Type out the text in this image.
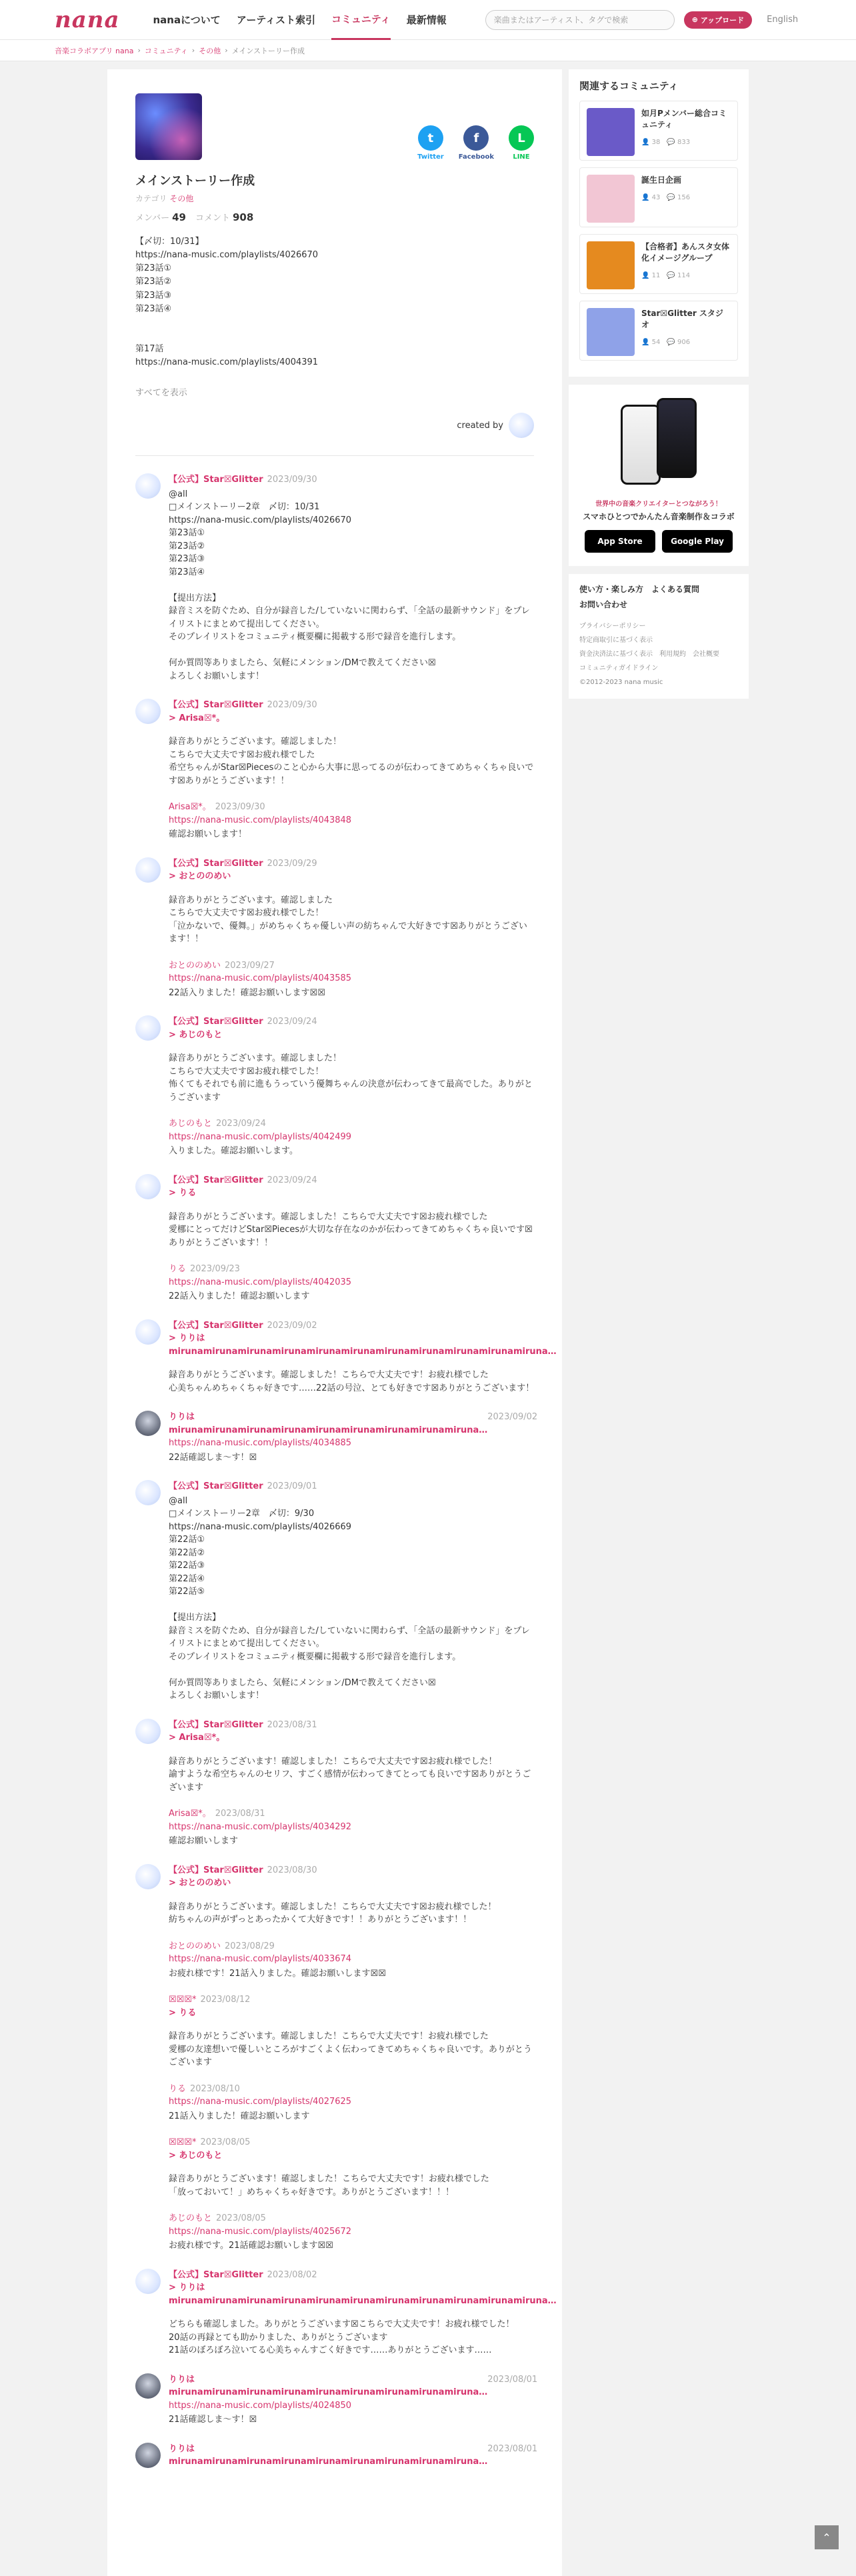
nana	nanaについて アーティスト索引 コミュニティ 最新情報	楽曲またはアーティスト、タグで検索	⊕ アップロード	English
音楽コラボアプリ nana › コミュニティ › その他 › メインストーリー作成
t
Twitter
f
Facebook
L
LINE
メインストーリー作成
カテゴリ その他
メンバー 49 コメント 908
【〆切：10/31】
https://nana-music.com/playlists/4026670
第23話①
第23話②
第23話③
第23話④

第17話
https://nana-music.com/playlists/4004391
すべてを表示
created by
【公式】Star☒Glitter 2023/09/30
@all
□メインストーリー2章　〆切：10/31
https://nana-music.com/playlists/4026670
第23話①
第23話②
第23話③
第23話④

【提出方法】
録音ミスを防ぐため、自分が録音した/していないに関わらず、「全話の最新サウンド」をプレイリストにまとめて提出してください。
そのプレイリストをコミュニティ概要欄に掲載する形で録音を進行します。

何か質問等ありましたら、気軽にメンション/DMで教えてください☒
よろしくお願いします！
【公式】Star☒Glitter 2023/09/30
> Arisa☒*。
録音ありがとうございます。確認しました！
こちらで大丈夫です☒お疲れ様でした
希空ちゃんがStar☒Piecesのこと心から大事に思ってるのが伝わってきてめちゃくちゃ良いです☒ありがとうございます！！
Arisa☒*。 2023/09/30
https://nana-music.com/playlists/4043848
確認お願いします！
【公式】Star☒Glitter 2023/09/29
> おとののめい
録音ありがとうございます。確認しました
こちらで大丈夫です☒お疲れ様でした！
「泣かないで、優舞。」がめちゃくちゃ優しい声の紡ちゃんで大好きです☒ありがとうございます！！
おとののめい 2023/09/27
https://nana-music.com/playlists/4043585
22話入りました！確認お願いします☒☒
【公式】Star☒Glitter 2023/09/24
> あじのもと
録音ありがとうございます。確認しました！
こちらで大丈夫です☒お疲れ様でした！
怖くてもそれでも前に進もうっていう優舞ちゃんの決意が伝わってきて最高でした。ありがとうございます
あじのもと 2023/09/24
https://nana-music.com/playlists/4042499
入りました。確認お願いします。
【公式】Star☒Glitter 2023/09/24
> りる
録音ありがとうございます。確認しました！こちらで大丈夫です☒お疲れ様でした
愛梛にとってだけどStar☒Piecesが大切な存在なのかが伝わってきてめちゃくちゃ良いです☒ありがとうございます！！
りる 2023/09/23
https://nana-music.com/playlists/4042035
22話入りました！確認お願いします
【公式】Star☒Glitter 2023/09/02
> りりは mirunamirunamirunamirunamirunamirunamirunamirunamirunamirunamiruna…
録音ありがとうございます。確認しました！こちらで大丈夫です！お疲れ様でした
心美ちゃんめちゃくちゃ好きです……22話の号泣、とても好きです☒ありがとうございます！
りりはmirunamirunamirunamirunamirunamirunamirunamirunamiruna…
2023/09/02
https://nana-music.com/playlists/4034885
22話確認しま～す！☒
【公式】Star☒Glitter 2023/09/01
@all
□メインストーリー2章　〆切：9/30
https://nana-music.com/playlists/4026669
第22話①
第22話②
第22話③
第22話④
第22話⑤

【提出方法】
録音ミスを防ぐため、自分が録音した/していないに関わらず、「全話の最新サウンド」をプレイリストにまとめて提出してください。
そのプレイリストをコミュニティ概要欄に掲載する形で録音を進行します。

何か質問等ありましたら、気軽にメンション/DMで教えてください☒
よろしくお願いします！
【公式】Star☒Glitter 2023/08/31
> Arisa☒*。
録音ありがとうございます！確認しました！こちらで大丈夫です☒お疲れ様でした！
諭すような希空ちゃんのセリフ、すごく感情が伝わってきてとっても良いです☒ありがとうございます
Arisa☒*。 2023/08/31
https://nana-music.com/playlists/4034292
確認お願いします
【公式】Star☒Glitter 2023/08/30
> おとののめい
録音ありがとうございます。確認しました！こちらで大丈夫です☒お疲れ様でした！
紡ちゃんの声がずっとあったかくて大好きです！！ありがとうございます！！
おとののめい 2023/08/29
https://nana-music.com/playlists/4033674
お疲れ様です！21話入りました。確認お願いします☒☒
☒☒☒* 2023/08/12
> りる
録音ありがとうございます。確認しました！こちらで大丈夫です！お疲れ様でした
愛梛の友達想いで優しいところがすごくよく伝わってきてめちゃくちゃ良いです。ありがとうございます
りる 2023/08/10
https://nana-music.com/playlists/4027625
21話入りました！確認お願いします
☒☒☒* 2023/08/05
> あじのもと
録音ありがとうございます！確認しました！こちらで大丈夫です！お疲れ様でした
「放っておいて！」めちゃくちゃ好きです。ありがとうございます！！！
あじのもと 2023/08/05
https://nana-music.com/playlists/4025672
お疲れ様です。21話確認お願いします☒☒
【公式】Star☒Glitter 2023/08/02
> りりは mirunamirunamirunamirunamirunamirunamirunamirunamirunamirunamiruna…
どちらも確認しました。ありがとうございます☒こちらで大丈夫です！お疲れ様でした！
20話の再録とても助かりました、ありがとうございます
21話のぼろぼろ泣いてる心美ちゃんすごく好きです……ありがとうございます……
りりはmirunamirunamirunamirunamirunamirunamirunamirunamiruna…
2023/08/01
https://nana-music.com/playlists/4024850
21話確認しま～す！☒
りりはmirunamirunamirunamirunamirunamirunamirunamirunamiruna…
2023/08/01
関連するコミュニティ
如月Pメンバー総合コミュニティ
👤 38　💬 833
誕生日企画
👤 43　💬 156
【合格者】あんスタ女体化イメージグループ
👤 11　💬 114
Star☒Glitter スタジオ
👤 54　💬 906
世界中の音楽クリエイターとつながろう！
スマホひとつでかんたん音楽制作＆コラボ
App Store	Google Play

使い方・楽しみ方　 よくある質問

お問い合わせ

プライバシーポリシー
特定商取引に基づく表示
資金決済法に基づく表示　 利用規約　 会社概要
コミュニティガイドライン
©2012-2023 nana music
⌃
